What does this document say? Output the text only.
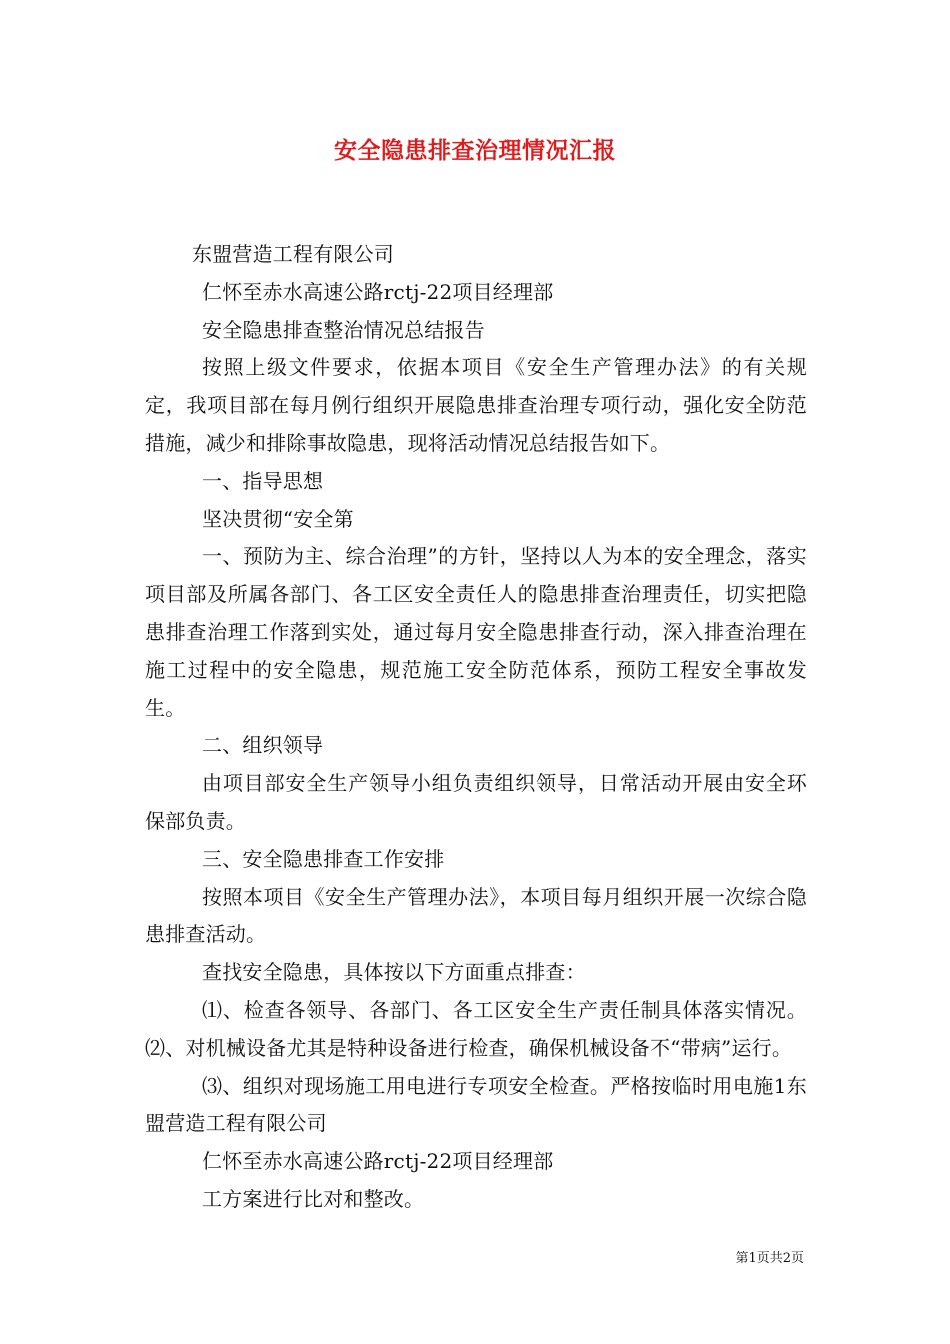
安全隐患排查治理情况汇报

东盟营造工程有限公司

仁怀至赤水高速公路rctj-22项目经理部

安全隐患排查整治情况总结报告

按照上级文件要求，依据本项目《安全生产管理办法》的有关规定，我项目部在每月例行组织开展隐患排查治理专项行动，强化安全防范措施，减少和排除事故隐患，现将活动情况总结报告如下。

一、指导思想

坚决贯彻“安全第

一、预防为主、综合治理”的方针，坚持以人为本的安全理念，落实项目部及所属各部门、各工区安全责任人的隐患排查治理责任，切实把隐患排查治理工作落到实处，通过每月安全隐患排查行动，深入排查治理在施工过程中的安全隐患，规范施工安全防范体系，预防工程安全事故发生。

二、组织领导

由项目部安全生产领导小组负责组织领导，日常活动开展由安全环保部负责。

三、安全隐患排查工作安排

按照本项目《安全生产管理办法》，本项目每月组织开展一次综合隐患排查活动。

查找安全隐患，具体按以下方面重点排查：

⑴、检查各领导、各部门、各工区安全生产责任制具体落实情况。⑵、对机械设备尤其是特种设备进行检查，确保机械设备不“带病”运行。

⑶、组织对现场施工用电进行专项安全检查。严格按临时用电施1东盟营造工程有限公司

仁怀至赤水高速公路rctj-22项目经理部

工方案进行比对和整改。

第1页共2页
